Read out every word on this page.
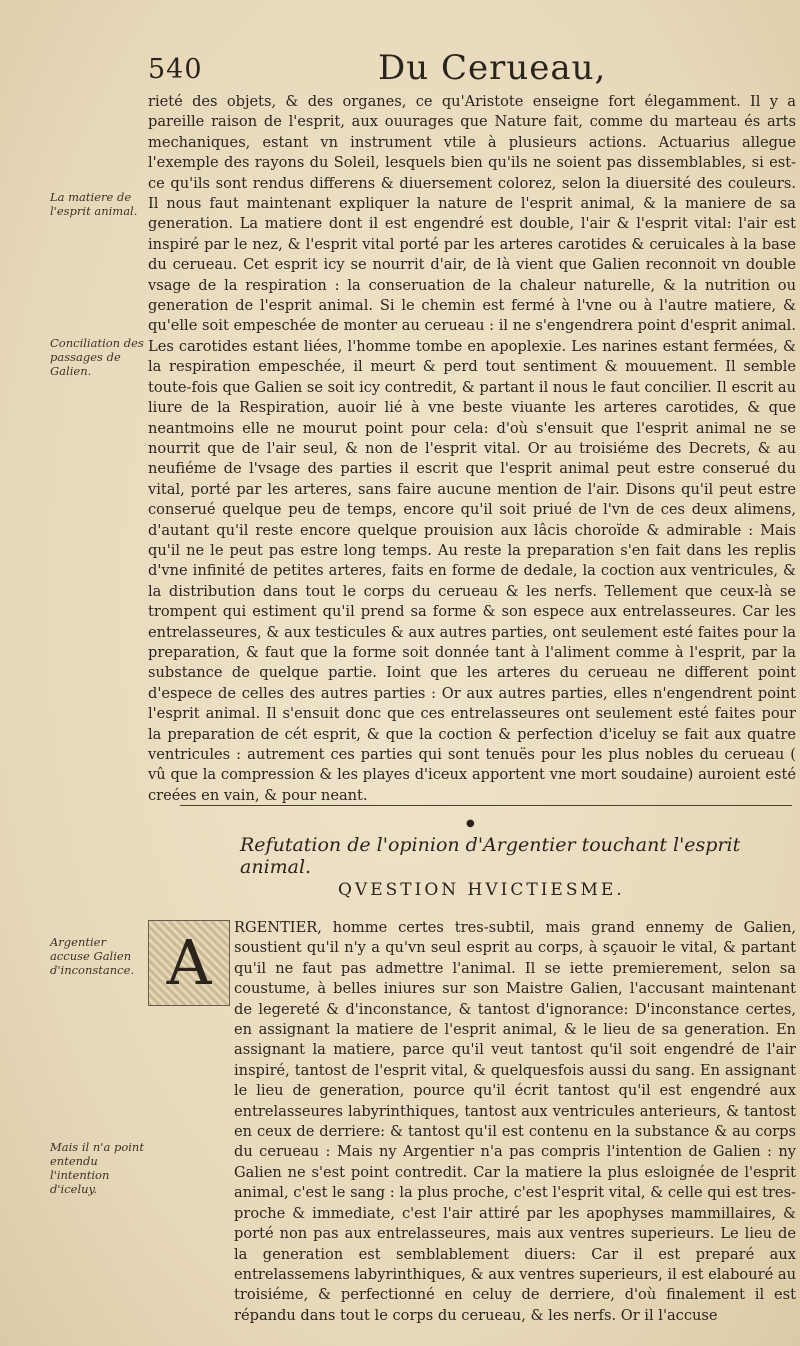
540	Du Cerueau,
La matiere de l'esprit animal.
Conciliation des passages de Galien.
Argentier accuse Galien d'inconstance.
Mais il n'a point entendu l'intention d'iceluy.

rieté des objets, & des organes, ce qu'Aristote enseigne fort élegamment. Il y a pareille raison de l'esprit, aux ouurages que Nature fait, comme du marteau és arts mechaniques, estant vn instrument vtile à plusieurs actions. Actuarius allegue l'exemple des rayons du Soleil, lesquels bien qu'ils ne soient pas dissemblables, si est-ce qu'ils sont rendus differens & diuersement colorez, selon la diuersité des couleurs. Il nous faut maintenant expliquer la nature de l'esprit animal, & la maniere de sa generation. La matiere dont il est engendré est double, l'air & l'esprit vital: l'air est inspiré par le nez, & l'esprit vital porté par les arteres carotides & ceruicales à la base du cerueau. Cet esprit icy se nourrit d'air, de là vient que Galien reconnoit vn double vsage de la respiration : la conseruation de la chaleur naturelle, & la nutrition ou generation de l'esprit animal. Si le chemin est fermé à l'vne ou à l'autre matiere, & qu'elle soit empeschée de monter au cerueau : il ne s'engendrera point d'esprit animal. Les carotides estant liées, l'homme tombe en apoplexie. Les narines estant fermées, & la respiration empeschée, il meurt & perd tout sentiment & mouuement. Il semble toute-fois que Galien se soit icy contredit, & partant il nous le faut concilier. Il escrit au liure de la Respiration, auoir lié à vne beste viuante les arteres carotides, & que neantmoins elle ne mourut point pour cela: d'où s'ensuit que l'esprit animal ne se nourrit que de l'air seul, & non de l'esprit vital. Or au troisiéme des Decrets, & au neufiéme de l'vsage des parties il escrit que l'esprit animal peut estre conserué du vital, porté par les arteres, sans faire aucune mention de l'air. Disons qu'il peut estre conserué quelque peu de temps, encore qu'il soit priué de l'vn de ces deux alimens, d'autant qu'il reste encore quelque prouision aux lâcis choroïde & admirable : Mais qu'il ne le peut pas estre long temps. Au reste la preparation s'en fait dans les replis d'vne infinité de petites arteres, faits en forme de dedale, la coction aux ventricules, & la distribution dans tout le corps du cerueau & les nerfs. Tellement que ceux-là se trompent qui estiment qu'il prend sa forme & son espece aux entrelasseures. Car les entrelasseures, & aux testicules & aux autres parties, ont seulement esté faites pour la preparation, & faut que la forme soit donnée tant à l'aliment comme à l'esprit, par la substance de quelque partie. Ioint que les arteres du cerueau ne different point d'espece de celles des autres parties : Or aux autres parties, elles n'engendrent point l'esprit animal. Il s'ensuit donc que ces entrelasseures ont seulement esté faites pour la preparation de cét esprit, & que la coction & perfection d'iceluy se fait aux quatre ventricules : autrement ces parties qui sont tenuës pour les plus nobles du cerueau ( vû que la compression & les playes d'iceux apportent vne mort soudaine) auroient esté creées en vain, & pour neant.

●
Refutation de l'opinion d'Argentier touchant l'esprit animal.
QVESTION HVICTIESME.
A	RGENTIER, homme certes tres-subtil, mais grand ennemy de Galien, soustient qu'il n'y a qu'vn seul esprit au corps, à sçauoir le vital, & partant qu'il ne faut pas admettre l'animal. Il se iette premierement, selon sa coustume, à belles iniures sur son Maistre Galien, l'accusant maintenant de legereté & d'inconstance, & tantost d'ignorance: D'inconstance certes, en assignant la matiere de l'esprit animal, & le lieu de sa generation. En assignant la matiere, parce qu'il veut tantost qu'il soit engendré de l'air inspiré, tantost de l'esprit vital, & quelquesfois aussi du sang. En assignant le lieu de generation, pource qu'il écrit tantost qu'il est engendré aux entrelasseures labyrinthiques, tantost aux ventricules anterieurs, & tantost en ceux de derriere: & tantost qu'il est contenu en la substance & au corps du cerueau : Mais ny Argentier n'a pas compris l'intention de Galien : ny Galien ne s'est point contredit. Car la matiere la plus esloignée de l'esprit animal, c'est le sang : la plus proche, c'est l'esprit vital, & celle qui est tres-proche & immediate, c'est l'air attiré par les apophyses mammillaires, & porté non pas aux entrelasseures, mais aux ventres superieurs. Le lieu de la generation est semblablement diuers: Car il est preparé aux entrelassemens labyrinthiques, & aux ventres superieurs, il est elabouré au troisiéme, & perfectionné en celuy de derriere, d'où finalement il est répandu dans tout le corps du cerueau, & les nerfs. Or il l'accuse
